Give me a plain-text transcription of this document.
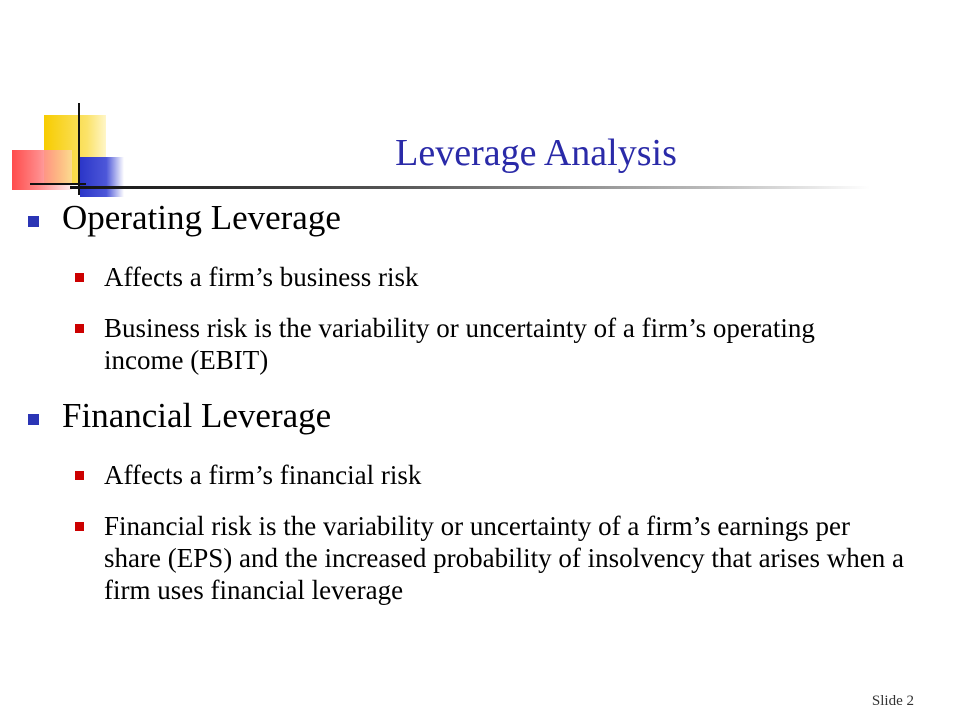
Leverage Analysis
Operating Leverage
Affects a firm’s business risk
Business risk is the variability or uncertainty of a firm’s operating income (EBIT)
Financial Leverage
Affects a firm’s financial risk
Financial risk is the variability or uncertainty of a firm’s earnings per share (EPS) and the increased probability of insolvency that arises when a firm uses financial leverage
Slide 2
